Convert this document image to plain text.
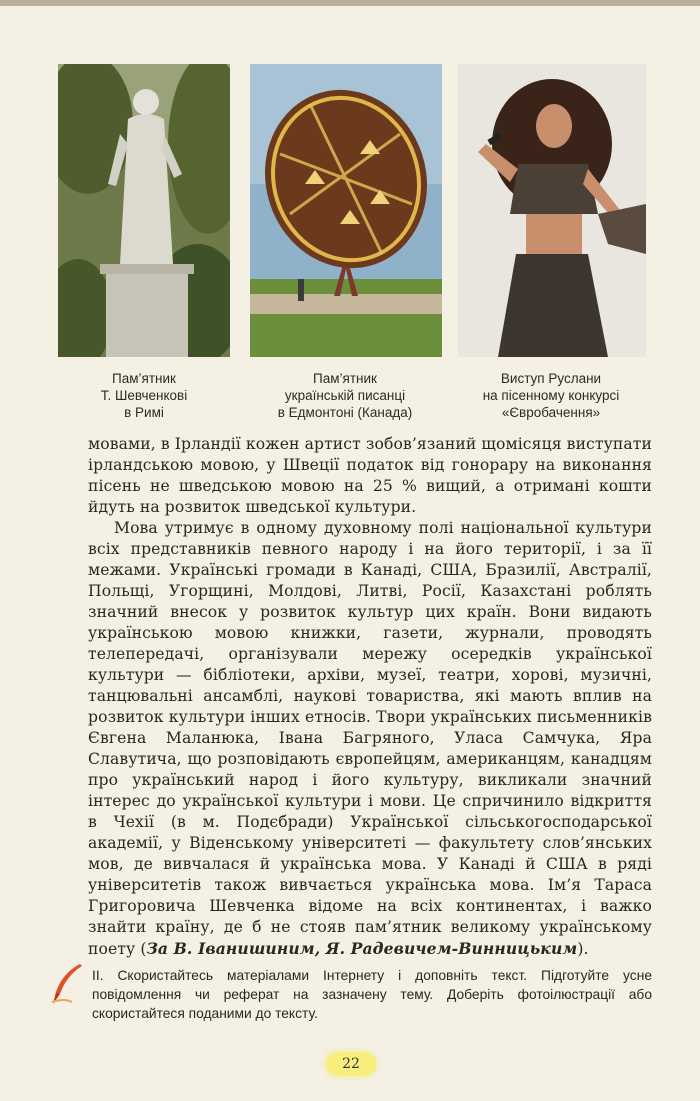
Пам’ятник
Т. Шевченкові
в Римі
Пам’ятник
українській писанці
в Едмонтоні (Канада)
Виступ Руслани
на пісенному конкурсі
«Євробачення»

мовами, в Ірландії кожен артист зобов’язаний щомісяця виступати ірландською мовою, у Швеції податок від гонорару на виконання пісень не шведською мовою на 25 % вищий, а отримані кошти йдуть на розвиток шведської культури.

Мова утримує в одному духовному полі національної культури всіх представників певного народу і на його території, і за її межами. Українські громади в Канаді, США, Бразилії, Австралії, Польщі, Угорщині, Молдові, Литві, Росії, Казахстані роблять значний внесок у розвиток культур цих країн. Вони видають українською мовою книжки, газети, журнали, проводять телепередачі, організували мережу осередків української культури — бібліотеки, архіви, музеї, театри, хорові, музичні, танцювальні ансамблі, наукові товариства, які мають вплив на розвиток культури інших етносів. Твори українських письменників Євгена Маланюка, Івана Багряного, Уласа Самчука, Яра Славутича, що розповідають європейцям, американцям, канадцям про український народ і його культуру, викликали значний інтерес до української культури і мови. Це спричинило відкриття в Чехії (в м. Подєбради) Української сільськогосподарської академії, у Віденському університеті — факультету слов’янських мов, де вивчалася й українська мова. У Канаді й США в ряді університетів також вивчається українська мова. Ім’я Тараса Григоровича Шевченка відоме на всіх континентах, і важко знайти країну, де б не стояв пам’ятник великому українському поету (За В. Іванишиним, Я. Радевичем-Винницьким).

ІІ. Скористайтесь матеріалами Інтернету і доповніть текст. Підготуйте усне повідомлення чи реферат на зазначену тему. Доберіть фотоілюстрації або скористайтеся поданими до тексту.
22
